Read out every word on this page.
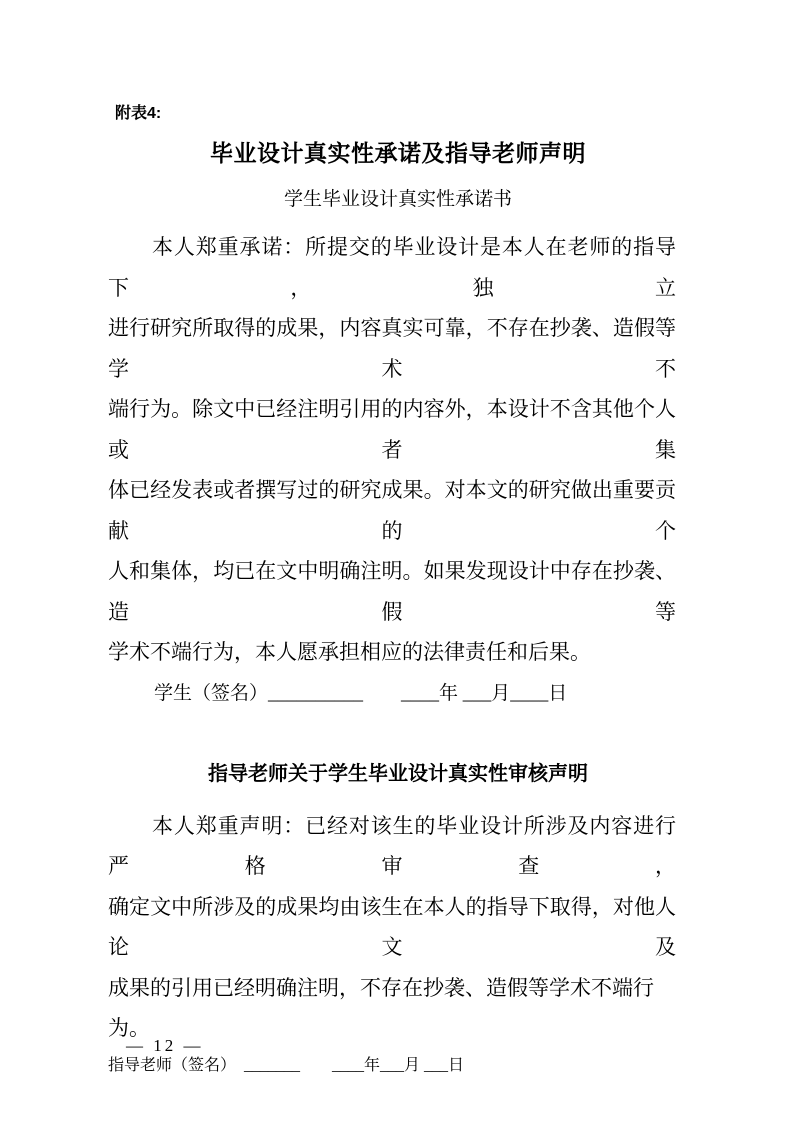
附表4:
毕业设计真实性承诺及指导老师声明
学生毕业设计真实性承诺书
本人郑重承诺：所提交的毕业设计是本人在老师的指导下，独立
进行研究所取得的成果，内容真实可靠，不存在抄袭、造假等学术不
端行为。除文中已经注明引用的内容外，本设计不含其他个人或者集
体已经发表或者撰写过的研究成果。对本文的研究做出重要贡献的个
人和集体，均已在文中明确注明。如果发现设计中存在抄袭、造假等
学术不端行为，本人愿承担相应的法律责任和后果。
学生（签名）__________　　____年 ___月____日
指导老师关于学生毕业设计真实性审核声明
本人郑重声明：已经对该生的毕业设计所涉及内容进行严格审查，
确定文中所涉及的成果均由该生在本人的指导下取得，对他人论文及
成果的引用已经明确注明，不存在抄袭、造假等学术不端行为。
指导老师（签名）　_______　　____年___月 ___日
— 12 —
